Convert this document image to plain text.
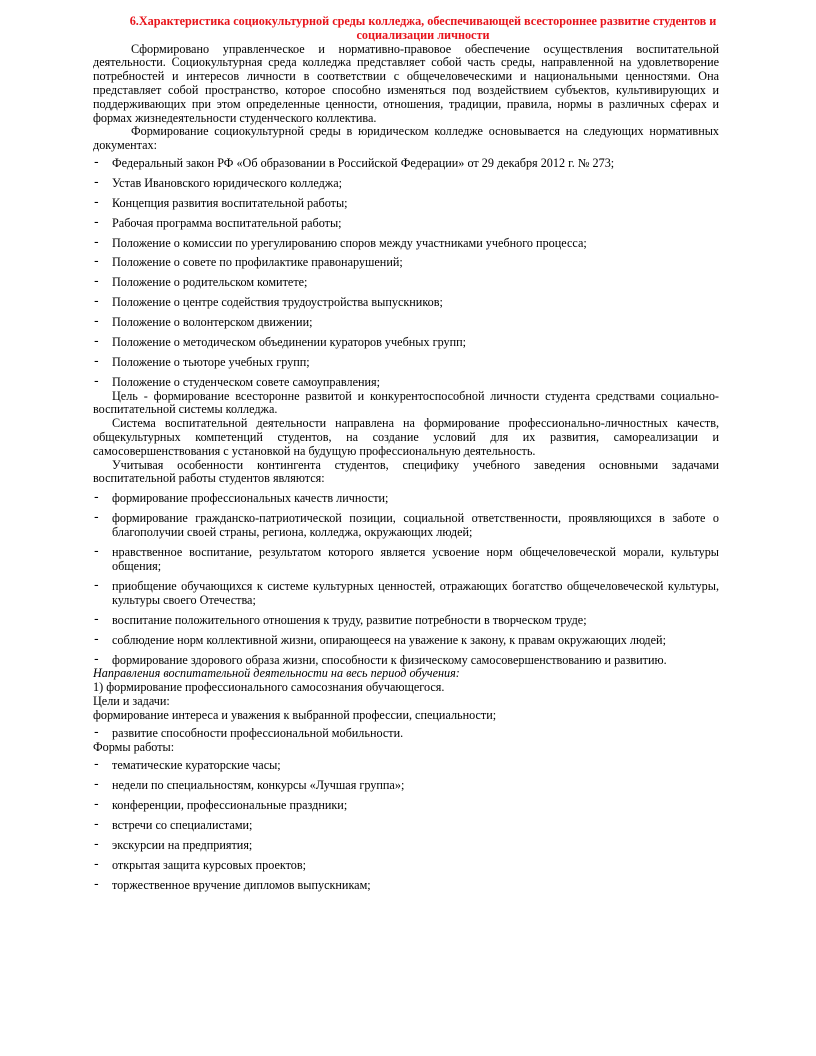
6.Характеристика социокультурной среды колледжа, обеспечивающей всестороннее развитие студентов и социализации личности

Сформировано управленческое и нормативно-правовое обеспечение осуществления воспитательной деятельности. Социокультурная среда колледжа представляет собой часть среды, направленной на удовлетворение потребностей и интересов личности в соответствии с общечеловеческими и национальными ценностями. Она представляет собой пространство, которое способно изменяться под воздействием субъектов, культивирующих и поддерживающих при этом определенные ценности, отношения, традиции, правила, нормы в различных сферах и формах жизнедеятельности студенческого коллектива.

Формирование социокультурной среды в юридическом колледже основывается на следующих нормативных документах:

- Федеральный закон РФ «Об образовании в Российской Федерации» от 29 декабря 2012 г. № 273;
- Устав Ивановского юридического колледжа;
- Концепция развития воспитательной работы;
- Рабочая программа воспитательной работы;
- Положение о комиссии по урегулированию споров между участниками учебного процесса;
- Положение о совете по профилактике правонарушений;
- Положение о родительском комитете;
- Положение о центре содействия трудоустройства выпускников;
- Положение о волонтерском движении;
- Положение о методическом объединении кураторов учебных групп;
- Положение о тьюторе учебных групп;
- Положение о студенческом совете самоуправления;

Цель - формирование всесторонне развитой и конкурентоспособной личности студента средствами социально-воспитательной системы колледжа.

Система воспитательной деятельности направлена на формирование профессионально-личностных качеств, общекультурных компетенций студентов, на создание условий для их развития, самореализации и самосовершенствования с установкой на будущую профессиональную деятельность.

Учитывая особенности контингента студентов, специфику учебного заведения основными задачами воспитательной работы студентов являются:

- формирование профессиональных качеств личности;
- формирование гражданско-патриотической позиции, социальной ответственности, проявляющихся в заботе о благополучии своей страны, региона, колледжа, окружающих людей;
- нравственное воспитание, результатом которого является усвоение норм общечеловеческой морали, культуры общения;
- приобщение обучающихся к системе культурных ценностей, отражающих богатство общечеловеческой культуры, культуры своего Отечества;
- воспитание положительного отношения к труду, развитие потребности в творческом труде;
- соблюдение норм коллективной жизни, опирающееся на уважение к закону, к правам окружающих людей;
- формирование здорового образа жизни, способности к физическому самосовершенствованию и развитию.

Направления воспитательной деятельности на весь период обучения:

1) формирование профессионального самосознания обучающегося.

Цели и задачи:

формирование интереса и уважения к выбранной профессии, специальности;

- развитие способности профессиональной мобильности.

Формы работы:

- тематические кураторские часы;
- недели по специальностям, конкурсы «Лучшая группа»;
- конференции, профессиональные праздники;
- встречи со специалистами;
- экскурсии на предприятия;
- открытая защита курсовых проектов;
- торжественное вручение дипломов выпускникам;
